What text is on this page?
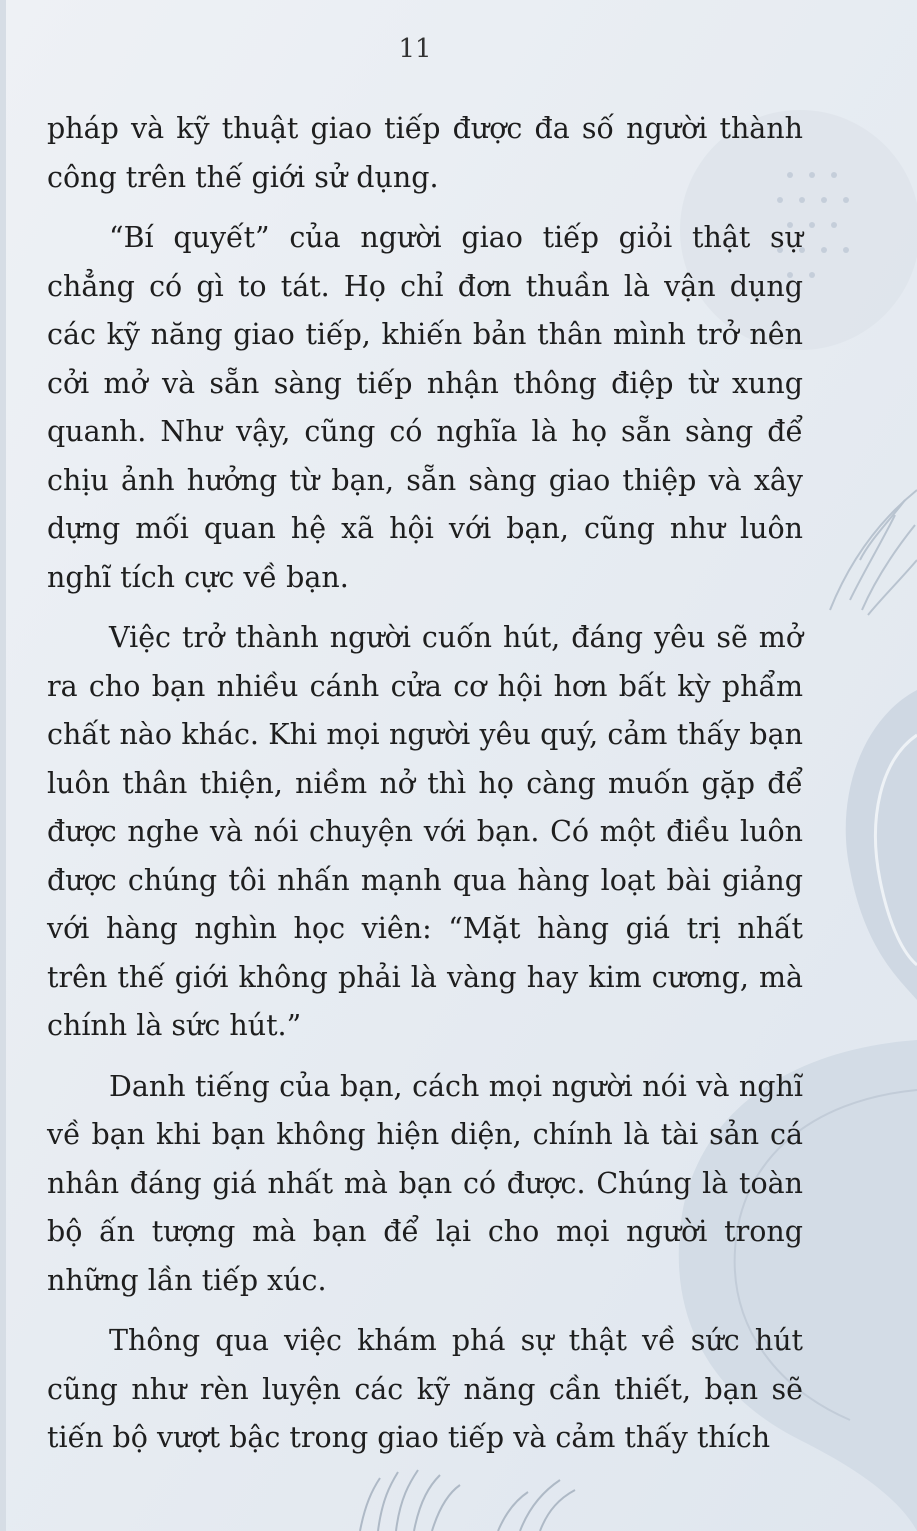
11

pháp và kỹ thuật giao tiếp được đa số người thành công trên thế giới sử dụng.

“Bí quyết” của người giao tiếp giỏi thật sự chẳng có gì to tát. Họ chỉ đơn thuần là vận dụng các kỹ năng giao tiếp, khiến bản thân mình trở nên cởi mở và sẵn sàng tiếp nhận thông điệp từ xung quanh. Như vậy, cũng có nghĩa là họ sẵn sàng để chịu ảnh hưởng từ bạn, sẵn sàng giao thiệp và xây dựng mối quan hệ xã hội với bạn, cũng như luôn nghĩ tích cực về bạn.

Việc trở thành người cuốn hút, đáng yêu sẽ mở ra cho bạn nhiều cánh cửa cơ hội hơn bất kỳ phẩm chất nào khác. Khi mọi người yêu quý, cảm thấy bạn luôn thân thiện, niềm nở thì họ càng muốn gặp để được nghe và nói chuyện với bạn. Có một điều luôn được chúng tôi nhấn mạnh qua hàng loạt bài giảng với hàng nghìn học viên: “Mặt hàng giá trị nhất trên thế giới không phải là vàng hay kim cương, mà chính là sức hút.”

Danh tiếng của bạn, cách mọi người nói và nghĩ về bạn khi bạn không hiện diện, chính là tài sản cá nhân đáng giá nhất mà bạn có được. Chúng là toàn bộ ấn tượng mà bạn để lại cho mọi người trong những lần tiếp xúc.

Thông qua việc khám phá sự thật về sức hút cũng như rèn luyện các kỹ năng cần thiết, bạn sẽ tiến bộ vượt bậc trong giao tiếp và cảm thấy thích
